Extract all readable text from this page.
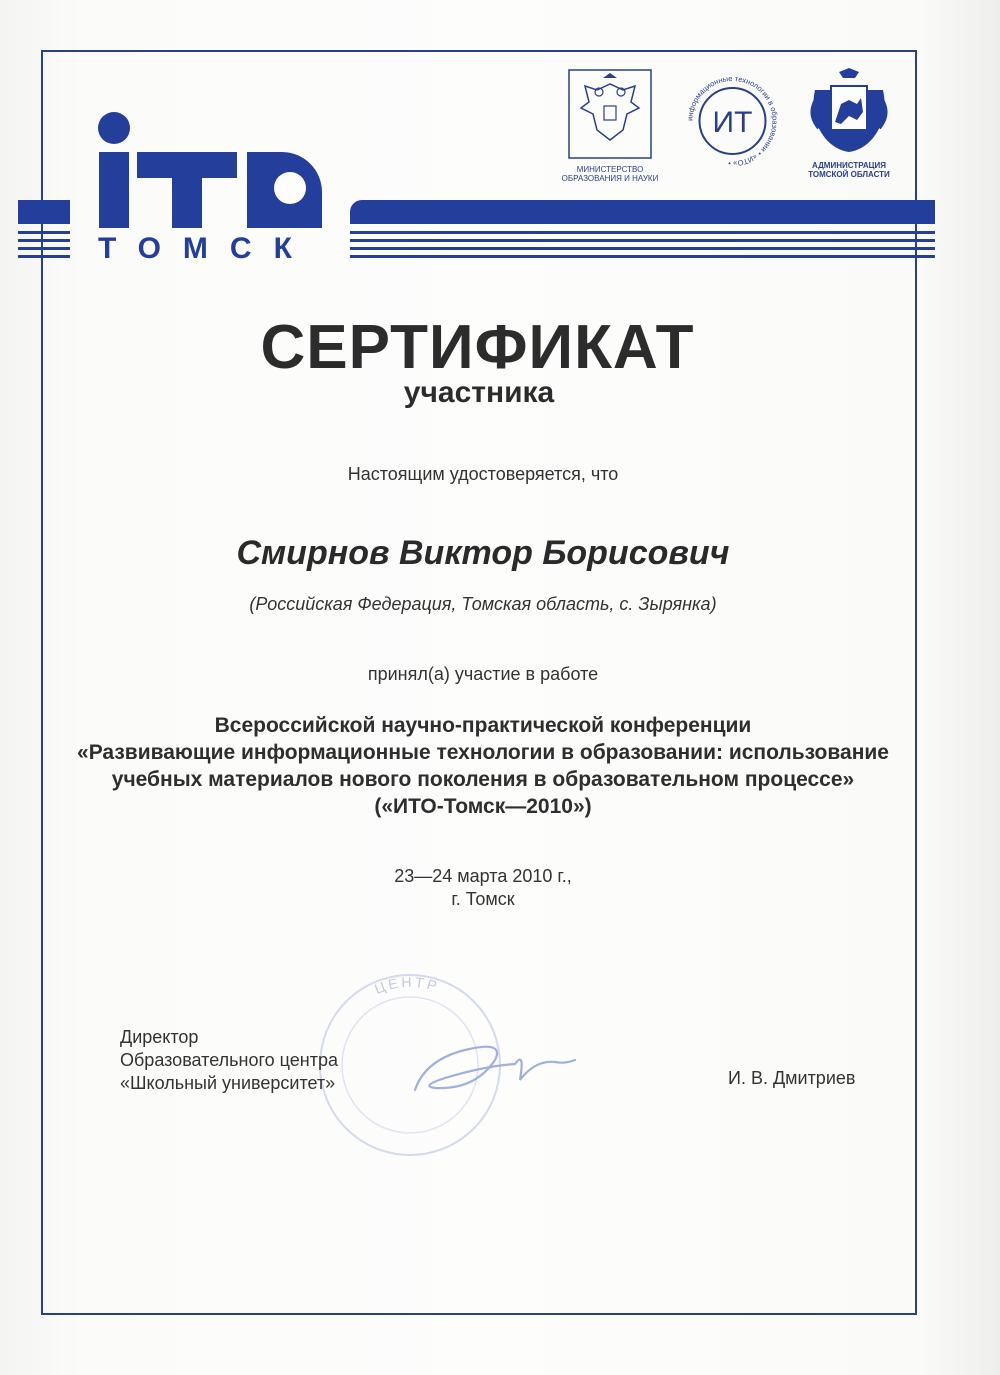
ТОМСК
МИНИСТЕРСТВО
ОБРАЗОВАНИЯ И НАУКИ
информационные технологии в образовании • «ИТО» •
ИТ
АДМИНИСТРАЦИЯ
ТОМСКОЙ ОБЛАСТИ
СЕРТИФИКАТ
участника
Настоящим удостоверяется, что
Смирнов Виктор Борисович
(Российская Федерация, Томская область, с. Зырянка)
принял(а) участие в работе
Всероссийской научно-практической конференции
«Развивающие информационные технологии в образовании: использование
учебных материалов нового поколения в образовательном процессе»
(«ИТО-Томск—2010»)
23—24 марта 2010 г.,
г. Томск
ЦЕНТР
Директор
Образовательного центра
«Школьный университет»	И. В. Дмитриев
